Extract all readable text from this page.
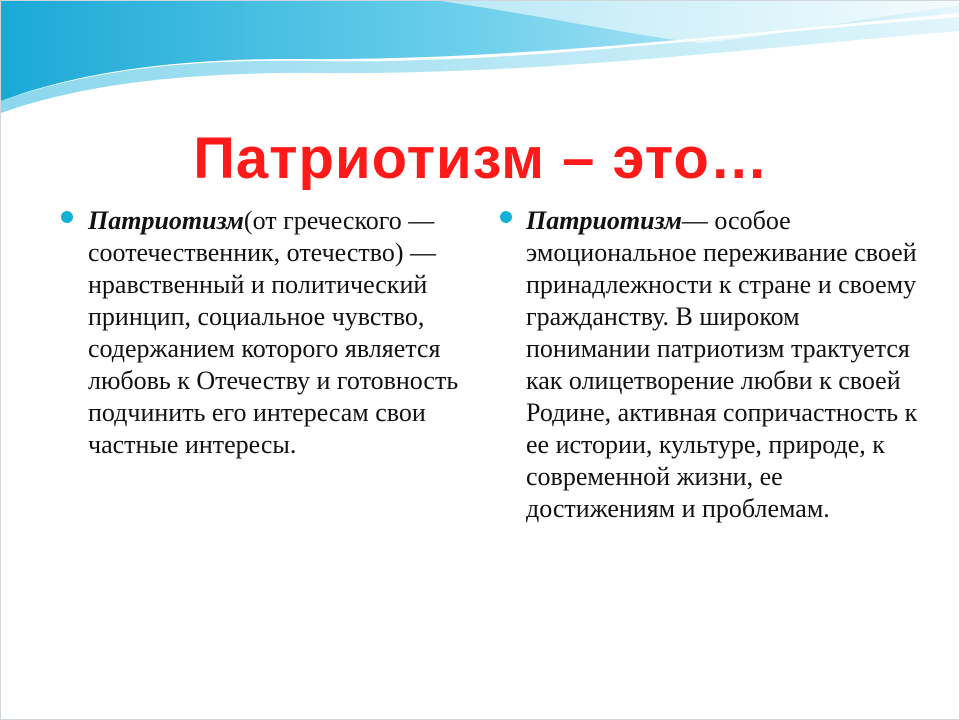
Патриотизм – это…

Патриотизм(от греческого — соотечественник, отечество) — нравственный и политический принцип, социальное чувство, содержанием которого является любовь к Отечеству и готовность подчинить его интересам свои частные интересы.

Патриотизм— особое эмоциональное переживание своей принадлежности к стране и своему гражданству. В широком понимании патриотизм трактуется как олицетворение любви к своей Родине, активная сопричастность к ее истории, культуре, природе, к современной жизни, ее достижениям и проблемам.
